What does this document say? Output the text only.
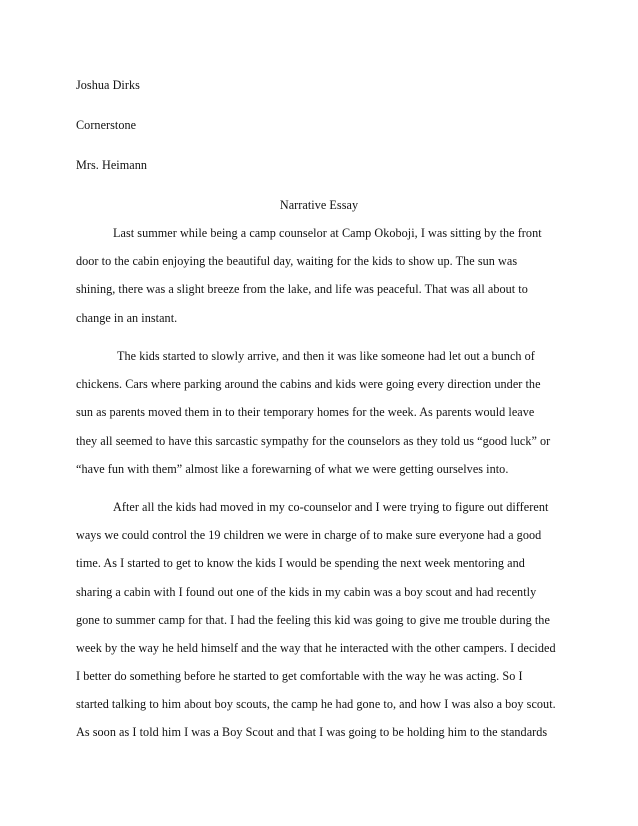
Joshua Dirks
Cornerstone
Mrs. Heimann
Narrative Essay
Last summer while being a camp counselor at Camp Okoboji, I was sitting by the front
door to the cabin enjoying the beautiful day, waiting for the kids to show up. The sun was
shining, there was a slight breeze from the lake, and life was peaceful. That was all about to
change in an instant.
The kids started to slowly arrive, and then it was like someone had let out a bunch of
chickens. Cars where parking around the cabins and kids were going every direction under the
sun as parents moved them in to their temporary homes for the week. As parents would leave
they all seemed to have this sarcastic sympathy for the counselors as they told us “good luck” or
“have fun with them” almost like a forewarning of what we were getting ourselves into.
After all the kids had moved in my co-counselor and I were trying to figure out different
ways we could control the 19 children we were in charge of to make sure everyone had a good
time. As I started to get to know the kids I would be spending the next week mentoring and
sharing a cabin with I found out one of the kids in my cabin was a boy scout and had recently
gone to summer camp for that. I had the feeling this kid was going to give me trouble during the
week by the way he held himself and the way that he interacted with the other campers. I decided
I better do something before he started to get comfortable with the way he was acting. So I
started talking to him about boy scouts, the camp he had gone to, and how I was also a boy scout.
As soon as I told him I was a Boy Scout and that I was going to be holding him to the standards
